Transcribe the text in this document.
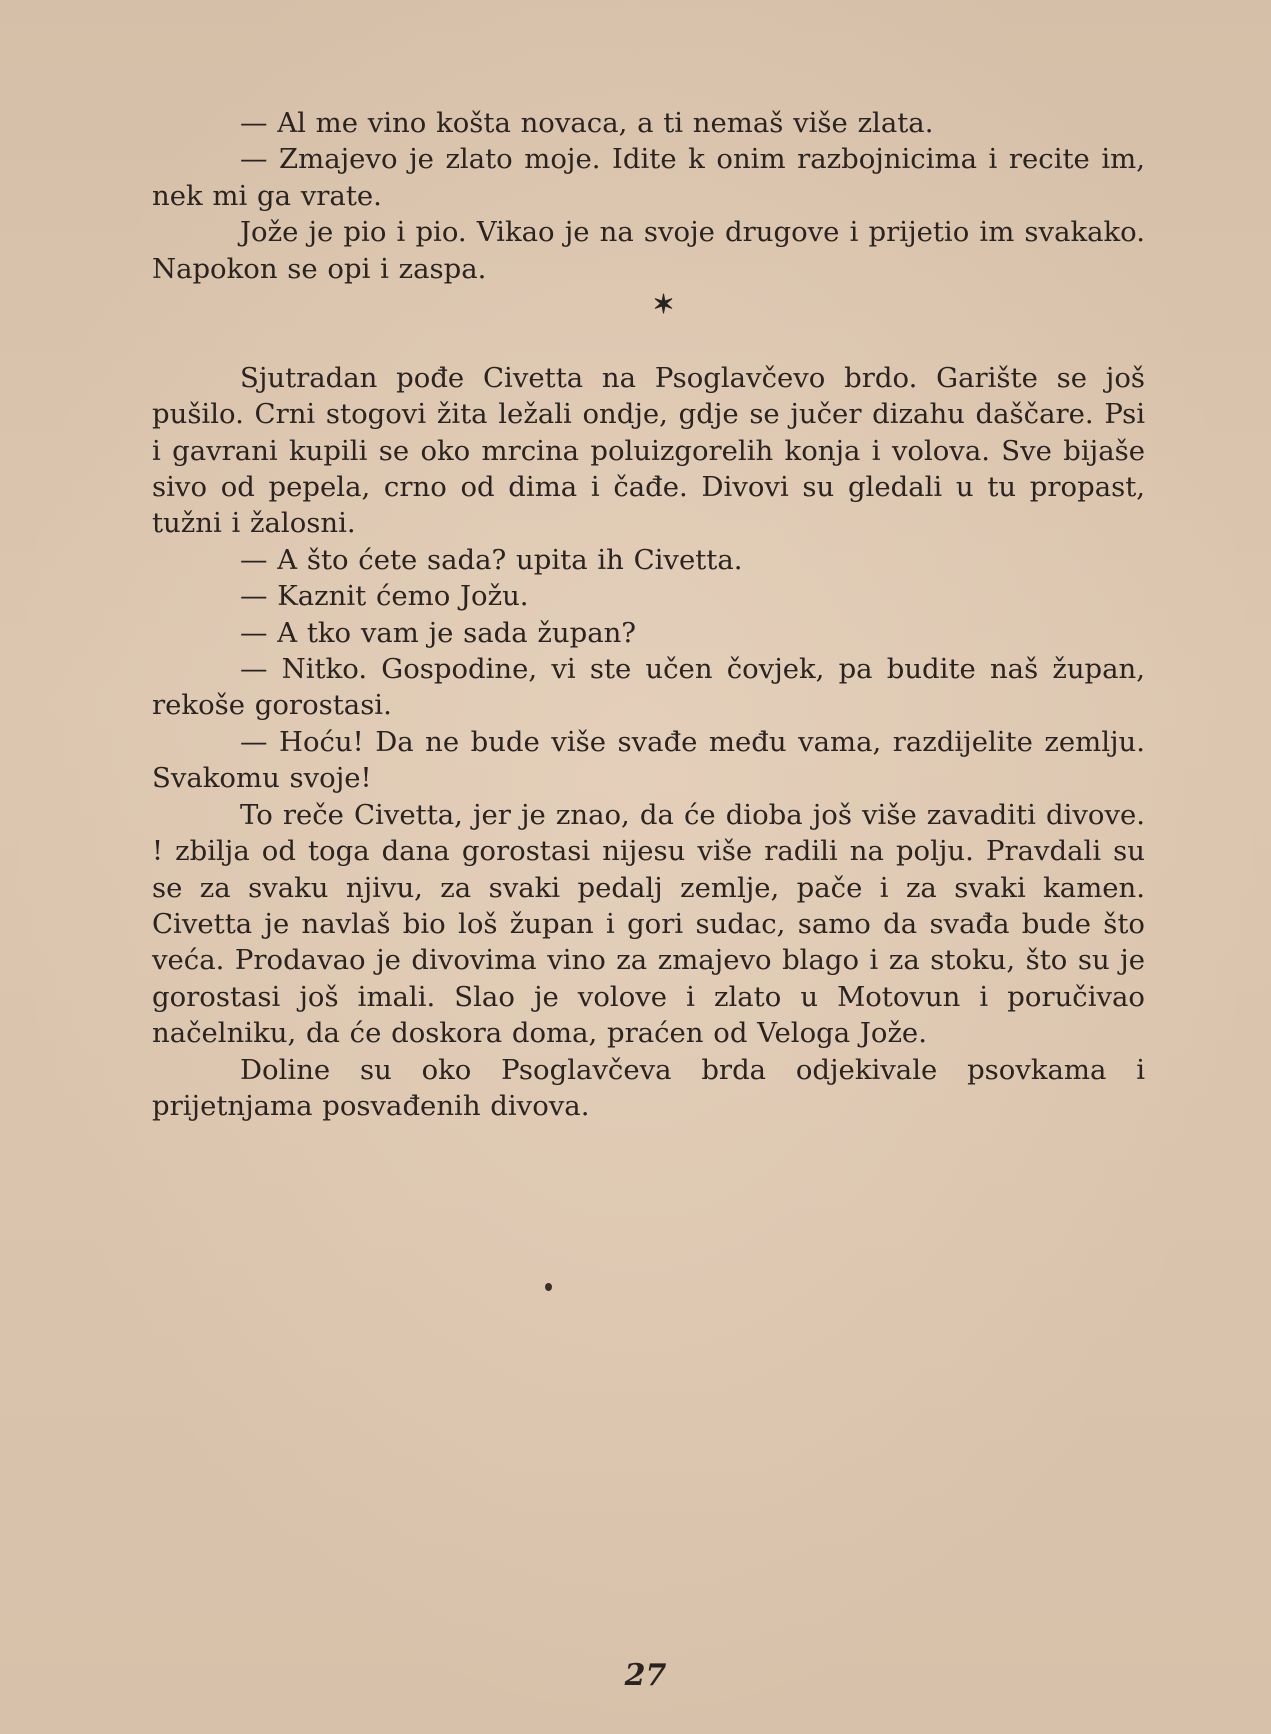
— Al me vino košta novaca, a ti nemaš više zlata.

— Zmajevo je zlato moje. Idite k onim razbojnicima i recite im, nek mi ga vrate.

Jože je pio i pio. Vikao je na svoje drugove i prijetio im svakako. Napokon se opi i zaspa.

✶

Sjutradan pođe Civetta na Psoglavčevo brdo. Garište se još pušilo. Crni stogovi žita ležali ondje, gdje se jučer dizahu daščare. Psi i gavrani kupili se oko mrcina poluizgorelih konja i volova. Sve bijaše sivo od pepela, crno od dima i čađe. Divovi su gledali u tu propast, tužni i žalosni.

— A što ćete sada? upita ih Civetta.

— Kaznit ćemo Jožu.

— A tko vam je sada župan?

— Nitko. Gospodine, vi ste učen čovjek, pa budite naš župan, rekoše gorostasi.

— Hoću! Da ne bude više svađe među vama, razdijelite zemlju. Svakomu svoje!

To reče Civetta, jer je znao, da će dioba još više zavaditi divove. ! zbilja od toga dana gorostasi nijesu više radili na polju. Pravdali su se za svaku njivu, za svaki pedalj zemlje, pače i za svaki kamen. Civetta je navlaš bio loš župan i gori sudac, samo da svađa bude što veća. Prodavao je divovima vino za zmajevo blago i za stoku, što su je gorostasi još imali. Slao je volove i zlato u Motovun i poručivao načelniku, da će doskora doma, praćen od Veloga Jože.

Doline su oko Psoglavčeva brda odjekivale psovkama i prijetnjama posvađenih divova.

27
